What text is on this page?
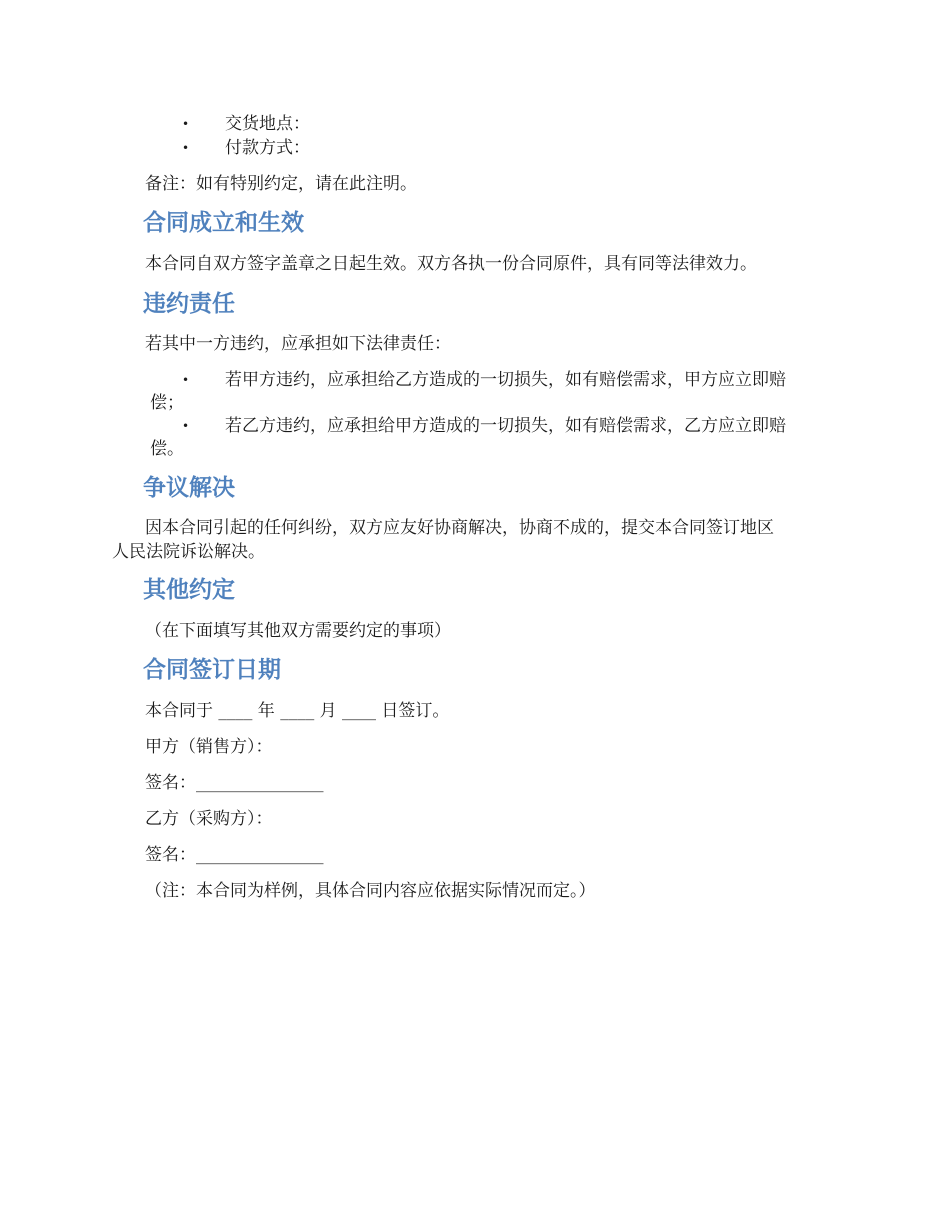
• 交货地点：
• 付款方式：
备注：如有特别约定，请在此注明。
合同成立和生效
本合同自双方签字盖章之日起生效。双方各执一份合同原件，具有同等法律效力。
违约责任
若其中一方违约，应承担如下法律责任：
• 若甲方违约，应承担给乙方造成的一切损失，如有赔偿需求，甲方应立即赔
偿；
• 若乙方违约，应承担给甲方造成的一切损失，如有赔偿需求，乙方应立即赔
偿。
争议解决
因本合同引起的任何纠纷，双方应友好协商解决，协商不成的，提交本合同签订地区
人民法院诉讼解决。
其他约定
（在下面填写其他双方需要约定的事项）
合同签订日期
本合同于 ____ 年 ____ 月 ____ 日签订。
甲方（销售方）：
签名：_______________
乙方（采购方）：
签名：_______________
（注：本合同为样例，具体合同内容应依据实际情况而定。）
